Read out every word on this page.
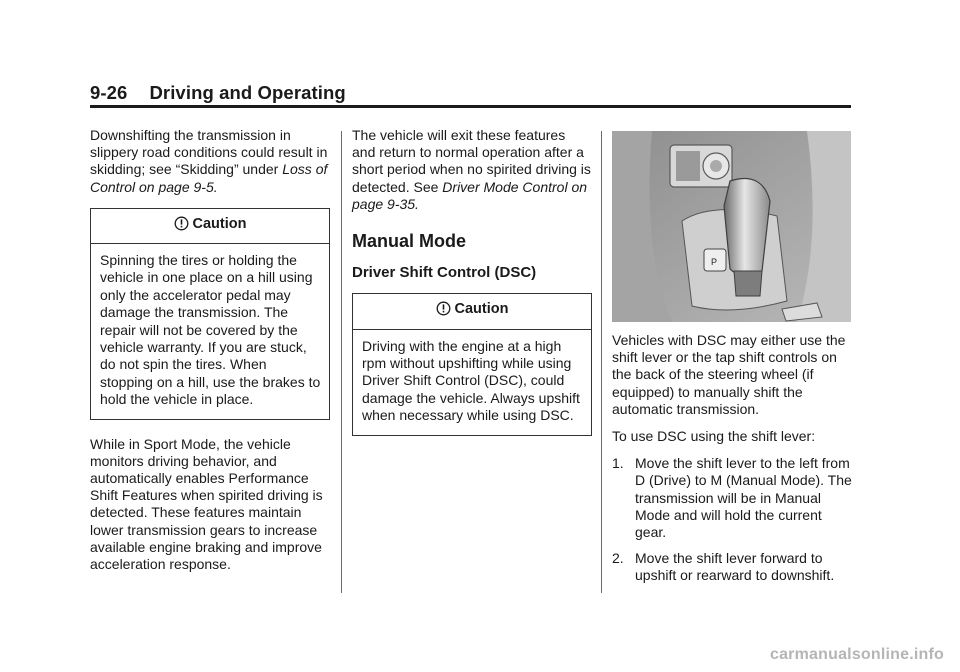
9-26 Driving and Operating

Downshifting the transmission in slippery road conditions could result in skidding; see “Skidding” under Loss of Control on page 9-5.

Caution
Spinning the tires or holding the vehicle in one place on a hill using only the accelerator pedal may damage the transmission. The repair will not be covered by the vehicle warranty. If you are stuck, do not spin the tires. When stopping on a hill, use the brakes to hold the vehicle in place.

While in Sport Mode, the vehicle monitors driving behavior, and automatically enables Performance Shift Features when spirited driving is detected. These features maintain lower transmission gears to increase available engine braking and improve acceleration response.

The vehicle will exit these features and return to normal operation after a short period when no spirited driving is detected. See Driver Mode Control on page 9-35.

Manual Mode
Driver Shift Control (DSC)
Caution
Driving with the engine at a high rpm without upshifting while using Driver Shift Control (DSC), could damage the vehicle. Always upshift when necessary while using DSC.
P

Vehicles with DSC may either use the shift lever or the tap shift controls on the back of the steering wheel (if equipped) to manually shift the automatic transmission.

To use DSC using the shift lever:

1. Move the shift lever to the left from D (Drive) to M (Manual Mode). The transmission will be in Manual Mode and will hold the current gear.
2. Move the shift lever forward to upshift or rearward to downshift.
carmanualsonline.info
